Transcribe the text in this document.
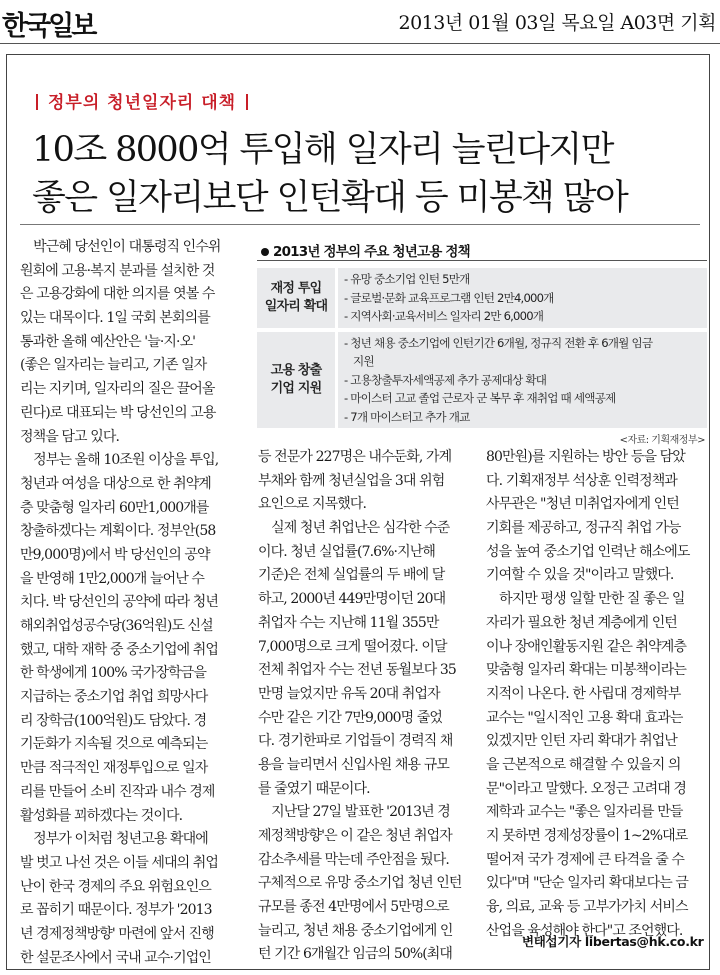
한국일보	2013년 01월 03일 목요일 A03면 기획
정부의 청년일자리 대책
10조 8000억 투입해 일자리 늘린다지만
좋은 일자리보단 인턴확대 등 미봉책 많아
　박근혜 당선인이 대통령직 인수위
원회에 고용·복지 분과를 설치한 것
은 고용강화에 대한 의지를 엿볼 수
있는 대목이다. 1일 국회 본회의를
통과한 올해 예산안은 '늘·지·오'
(좋은 일자리는 늘리고, 기존 일자
리는 지키며, 일자리의 질은 끌어올
린다)로 대표되는 박 당선인의 고용
정책을 담고 있다.
　정부는 올해 10조원 이상을 투입,
청년과 여성을 대상으로 한 취약계
층 맞춤형 일자리 60만1,000개를
창출하겠다는 계획이다. 정부안(58
만9,000명)에서 박 당선인의 공약
을 반영해 1만2,000개 늘어난 수
치다. 박 당선인의 공약에 따라 청년
해외취업성공수당(36억원)도 신설
했고, 대학 재학 중 중소기업에 취업
한 학생에게 100% 국가장학금을
지급하는 중소기업 취업 희망사다
리 장학금(100억원)도 담았다. 경
기둔화가 지속될 것으로 예측되는
만큼 적극적인 재정투입으로 일자
리를 만들어 소비 진작과 내수 경제
활성화를 꾀하겠다는 것이다.
　정부가 이처럼 청년고용 확대에
발 벗고 나선 것은 이들 세대의 취업
난이 한국 경제의 주요 위험요인으
로 꼽히기 때문이다. 정부가 '2013
년 경제정책방향' 마련에 앞서 진행
한 설문조사에서 국내 교수·기업인
등 전문가 227명은 내수둔화, 가계
부채와 함께 청년실업을 3대 위험
요인으로 지목했다.
　실제 청년 취업난은 심각한 수준
이다. 청년 실업률(7.6%·지난해
기준)은 전체 실업률의 두 배에 달
하고, 2000년 449만명이던 20대
취업자 수는 지난해 11월 355만
7,000명으로 크게 떨어졌다. 이달
전체 취업자 수는 전년 동월보다 35
만명 늘었지만 유독 20대 취업자
수만 같은 기간 7만9,000명 줄었
다. 경기한파로 기업들이 경력직 채
용을 늘리면서 신입사원 채용 규모
를 줄였기 때문이다.
　지난달 27일 발표한 '2013년 경
제정책방향'은 이 같은 청년 취업자
감소추세를 막는데 주안점을 뒀다.
구체적으로 유망 중소기업 청년 인턴
규모를 종전 4만명에서 5만명으로
늘리고, 청년 채용 중소기업에게 인
턴 기간 6개월간 임금의 50%(최대
80만원)를 지원하는 방안 등을 담았
다. 기획재정부 석상훈 인력정책과
사무관은 "청년 미취업자에게 인턴
기회를 제공하고, 정규직 취업 가능
성을 높여 중소기업 인력난 해소에도
기여할 수 있을 것"이라고 말했다.
　하지만 평생 일할 만한 질 좋은 일
자리가 필요한 청년 계층에게 인턴
이나 장애인활동지원 같은 취약계층
맞춤형 일자리 확대는 미봉책이라는
지적이 나온다. 한 사립대 경제학부
교수는 "일시적인 고용 확대 효과는
있겠지만 인턴 자리 확대가 취업난
을 근본적으로 해결할 수 있을지 의
문"이라고 말했다. 오정근 고려대 경
제학과 교수는 "좋은 일자리를 만들
지 못하면 경제성장률이 1~2%대로
떨어져 국가 경제에 큰 타격을 줄 수
있다"며 "단순 일자리 확대보다는 금
융, 의료, 교육 등 고부가가치 서비스
산업을 육성해야 한다"고 조언했다.
2013년 정부의 주요 청년고용 정책
재정 투입
일자리 확대
- 유망 중소기업 인턴 5만개
- 글로벌·문화 교육프로그램 인턴 2만4,000개
- 지역사회·교육서비스 일자리 2만 6,000개
고용 창출
기업 지원
- 청년 채용 중소기업에 인턴기간 6개월, 정규직 전환 후 6개월 임금
지원
- 고용창출투자세액공제 추가 공제대상 확대
- 마이스터 고교 졸업 근로자 군 복무 후 재취업 때 세액공제
- 7개 마이스터고 추가 개교
<자료: 기획재정부>
변태섭기자 libertas@hk.co.kr
